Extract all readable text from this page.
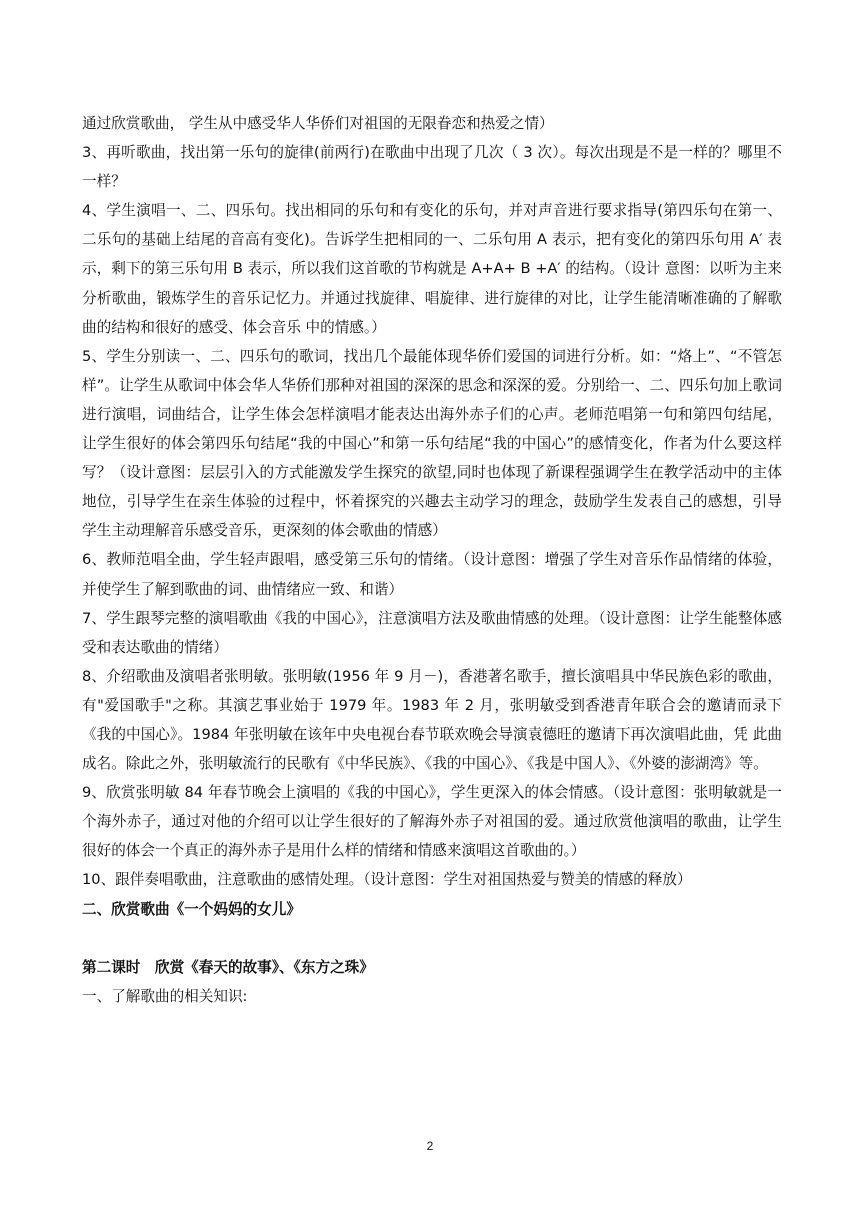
通过欣赏歌曲， 学生从中感受华人华侨们对祖国的无限眷恋和热爱之情）

3、再听歌曲，找出第一乐句的旋律(前两行)在歌曲中出现了几次（ 3 次）。每次出现是不是一样的？哪里不一样？

4、学生演唱一、二、四乐句。找出相同的乐句和有变化的乐句，并对声音进行要求指导(第四乐句在第一、二乐句的基础上结尾的音高有变化)。告诉学生把相同的一、二乐句用 A 表示，把有变化的第四乐句用 A′ 表示，剩下的第三乐句用 B 表示，所以我们这首歌的节构就是 A+A+ B +A′ 的结构。（设计 意图：以听为主来分析歌曲，锻炼学生的音乐记忆力。并通过找旋律、唱旋律、进行旋律的对比，让学生能清晰准确的了解歌曲的结构和很好的感受、体会音乐 中的情感。）

5、学生分别读一、二、四乐句的歌词，找出几个最能体现华侨们爱国的词进行分析。如：“烙上”、“不管怎样”。让学生从歌词中体会华人华侨们那种对祖国的深深的思念和深深的爱。分别给一、二、四乐句加上歌词进行演唱，词曲结合，让学生体会怎样演唱才能表达出海外赤子们的心声。老师范唱第一句和第四句结尾，让学生很好的体会第四乐句结尾“我的中国心”和第一乐句结尾“我的中国心”的感情变化，作者为什么要这样写？（设计意图：层层引入的方式能激发学生探究的欲望,同时也体现了新课程强调学生在教学活动中的主体地位，引导学生在亲生体验的过程中，怀着探究的兴趣去主动学习的理念，鼓励学生发表自己的感想，引导学生主动理解音乐感受音乐，更深刻的体会歌曲的情感）

6、教师范唱全曲，学生轻声跟唱，感受第三乐句的情绪。（设计意图：增强了学生对音乐作品情绪的体验，并使学生了解到歌曲的词、曲情绪应一致、和谐）

7、学生跟琴完整的演唱歌曲《我的中国心》，注意演唱方法及歌曲情感的处理。（设计意图：让学生能整体感受和表达歌曲的情绪）

8、介绍歌曲及演唱者张明敏。张明敏(1956 年 9 月－)，香港著名歌手，擅长演唱具中华民族色彩的歌曲，有"爱国歌手"之称。其演艺事业始于 1979 年。1983 年 2 月，张明敏受到香港青年联合会的邀请而录下《我的中国心》。1984 年张明敏在该年中央电视台春节联欢晚会导演袁德旺的邀请下再次演唱此曲，凭 此曲成名。除此之外，张明敏流行的民歌有《中华民族》、《我的中国心》、《我是中国人》、《外婆的澎湖湾》等。

9、欣赏张明敏 84 年春节晚会上演唱的《我的中国心》，学生更深入的体会情感。（设计意图：张明敏就是一个海外赤子，通过对他的介绍可以让学生很好的了解海外赤子对祖国的爱。通过欣赏他演唱的歌曲，让学生很好的体会一个真正的海外赤子是用什么样的情绪和情感来演唱这首歌曲的。）

10、跟伴奏唱歌曲，注意歌曲的感情处理。（设计意图：学生对祖国热爱与赞美的情感的释放）

二、欣赏歌曲《一个妈妈的女儿》

第二课时　欣赏《春天的故事》、《东方之珠》

一、了解歌曲的相关知识:

2
